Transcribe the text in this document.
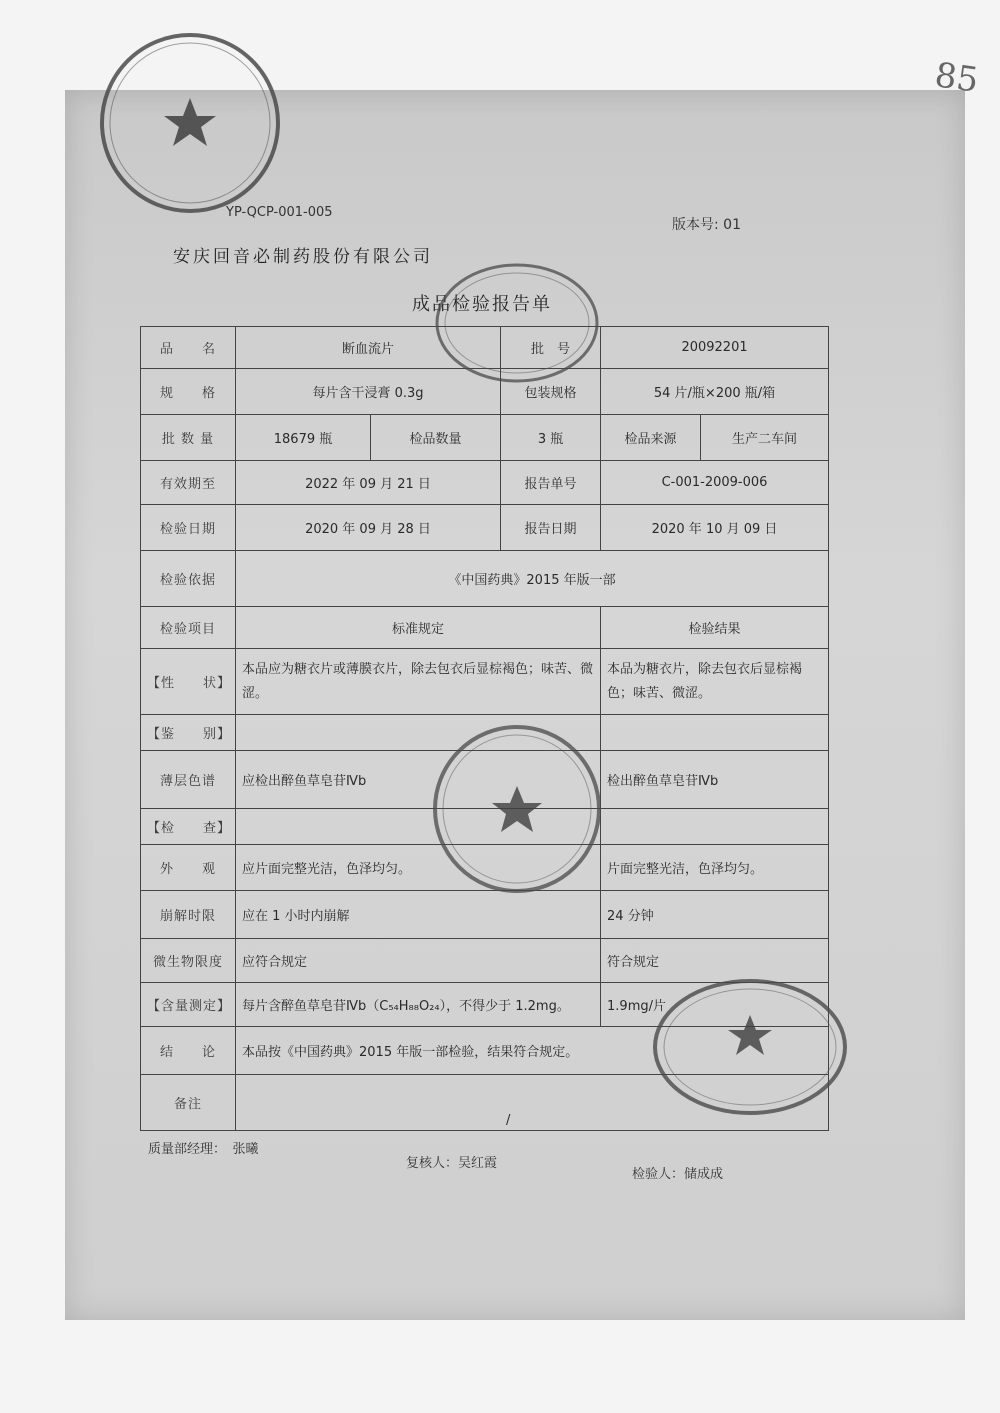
85
YP-QCP-001-005
版本号: 01
安庆回音必制药股份有限公司
成品检验报告单
品　　名	断血流片		批　号	20092201	
规　　格	每片含干浸膏 0.3g		包装规格	54 片/瓶×200 瓶/箱	
批 数 量	18679 瓶	检品数量	3 瓶	检品来源	生产二车间
有效期至	2022 年 09 月 21 日		报告单号	C-001-2009-006	
检验日期	2020 年 09 月 28 日		报告日期	2020 年 10 月 09 日	
检验依据	《中国药典》2015 年版一部				
检验项目	标准规定			检验结果	
【性　　状】	本品应为糖衣片或薄膜衣片，除去包衣后显棕褐色；味苦、微涩。			本品为糖衣片，除去包衣后显棕褐色；味苦、微涩。	
【鉴　　别】					
薄层色谱	应检出醉鱼草皂苷Ⅳb			检出醉鱼草皂苷Ⅳb	
【检　　查】					
外　　观	应片面完整光洁，色泽均匀。			片面完整光洁，色泽均匀。	
崩解时限	应在 1 小时内崩解			24 分钟	
微生物限度	应符合规定			符合规定	
【含量测定】	每片含醉鱼草皂苷Ⅳb（C₅₄H₈₈O₂₄），不得少于 1.2mg。			1.9mg/片	
结　　论	本品按《中国药典》2015 年版一部检验，结果符合规定。				
备注	/				
质量部经理：　张曦
复核人：吴红霞
检验人：储成成
